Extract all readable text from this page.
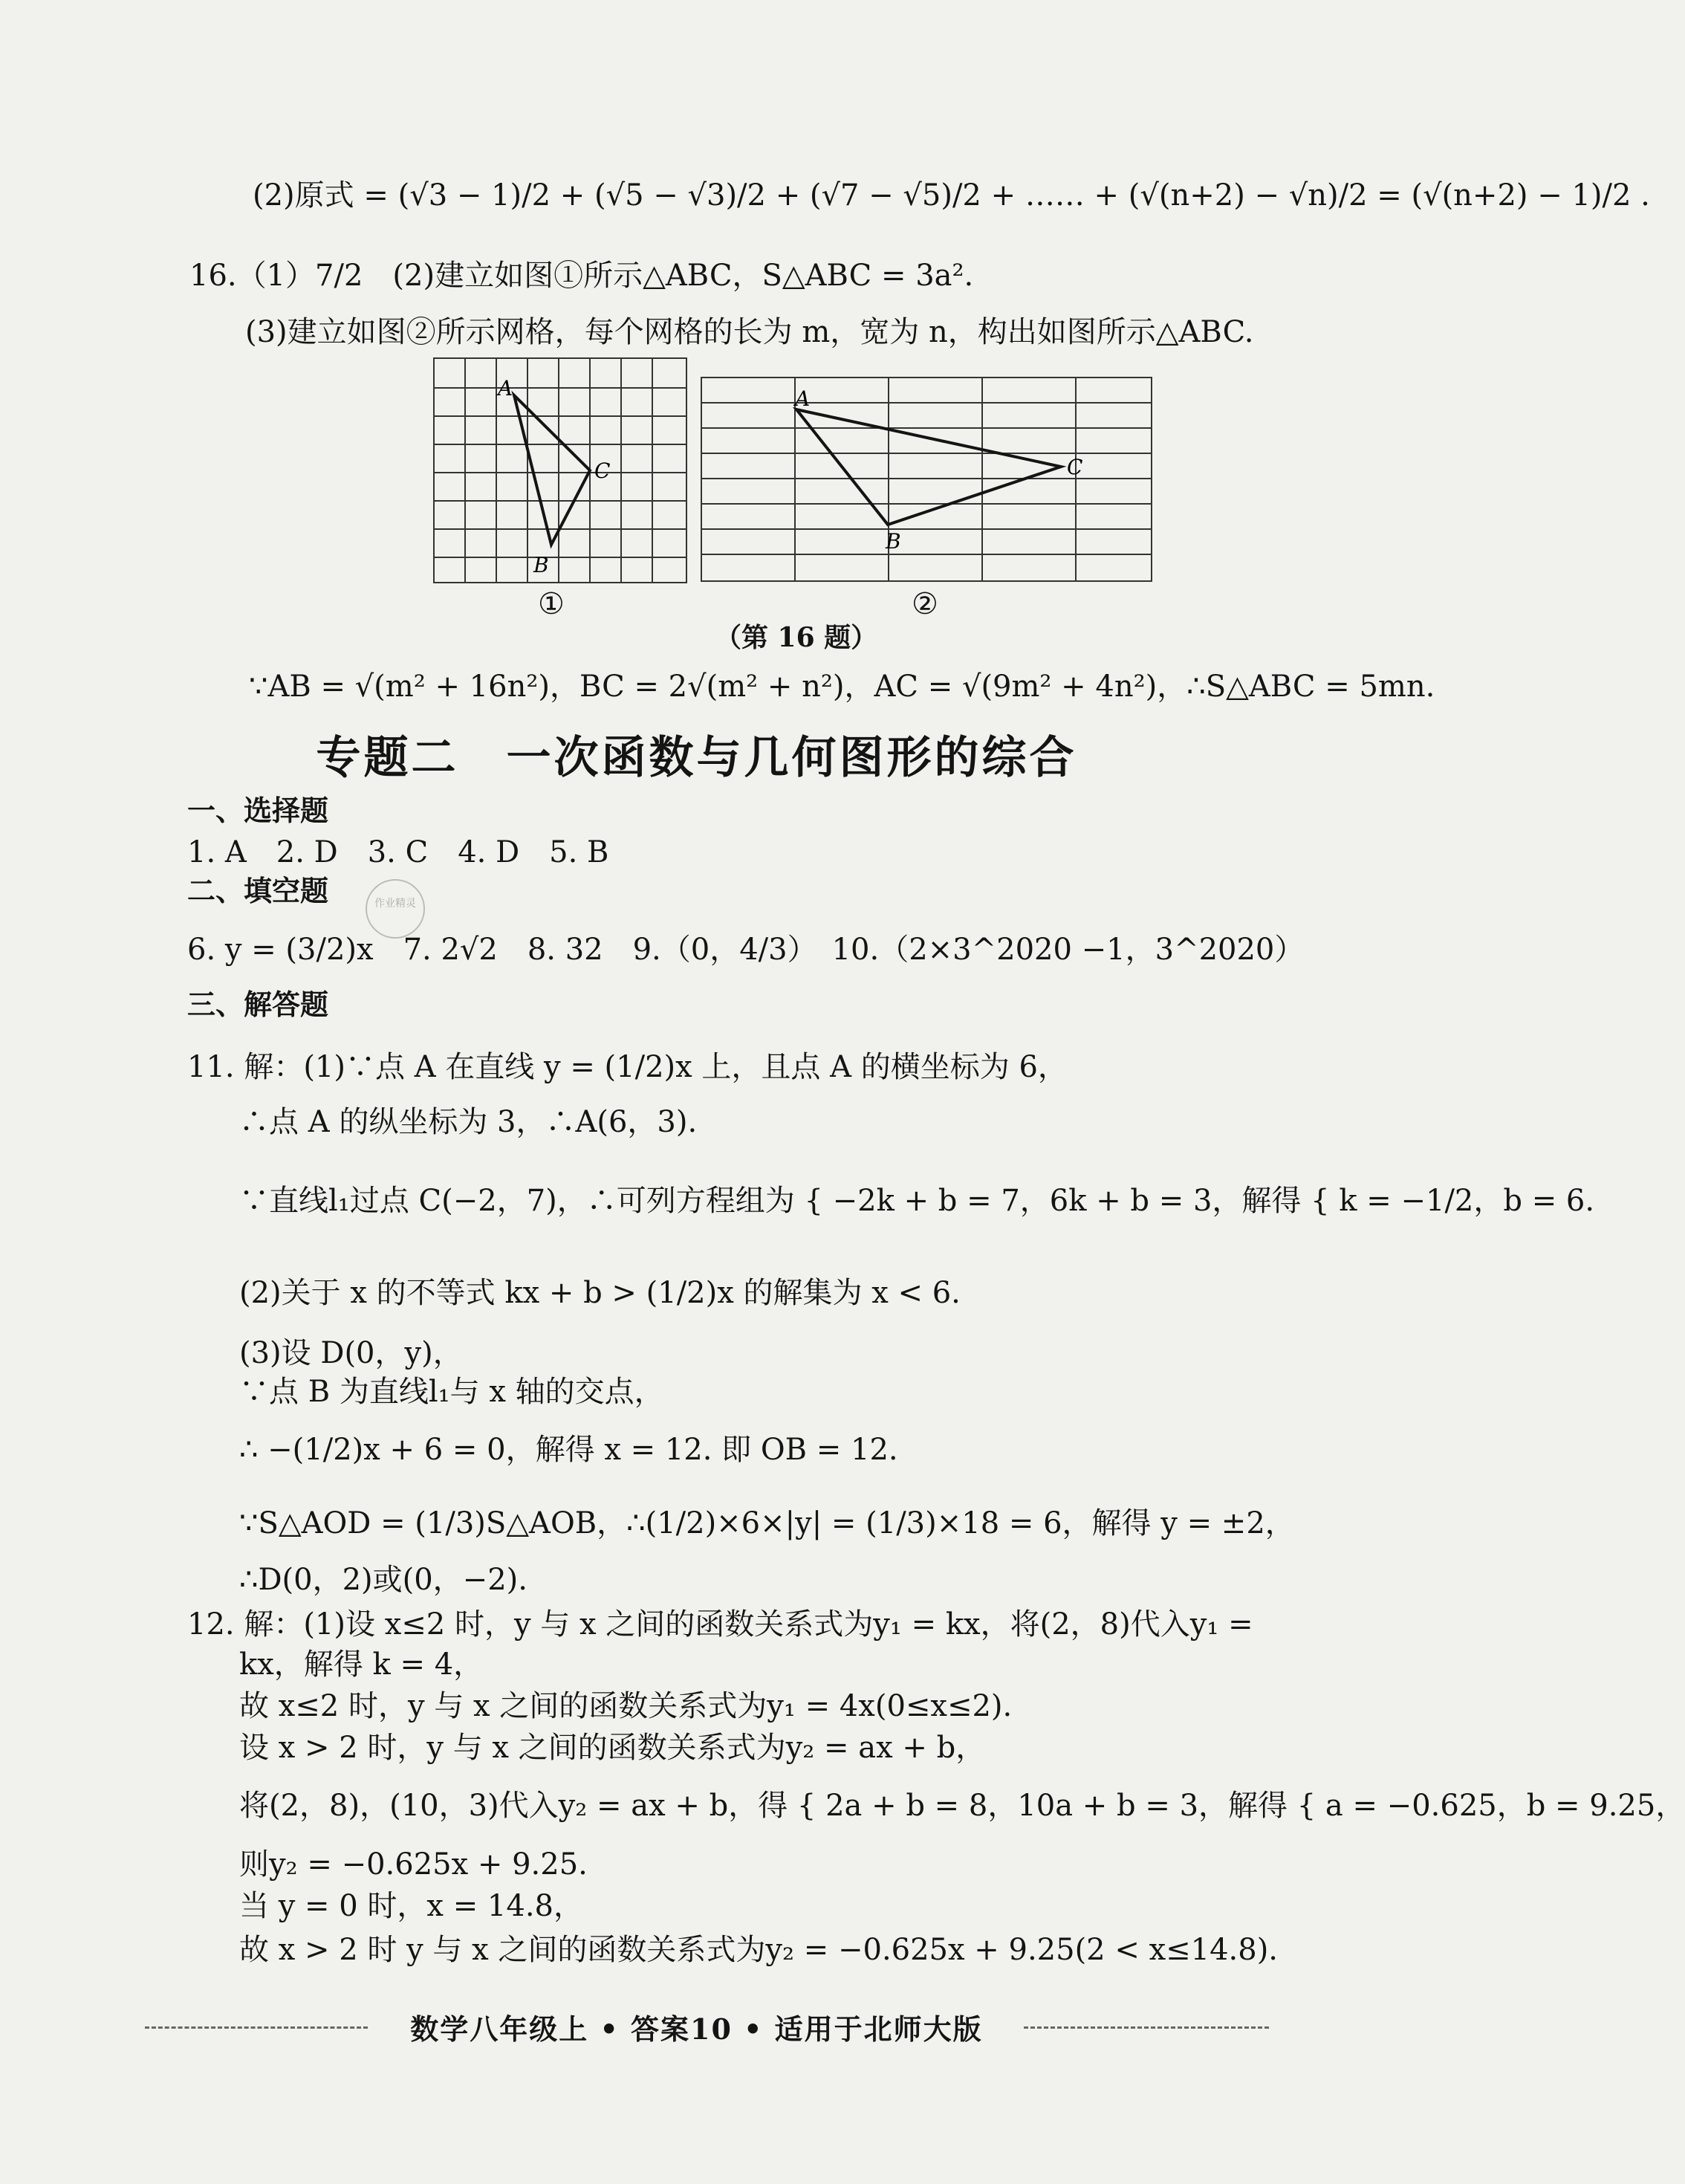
(2)原式 = (√3 − 1)/2 + (√5 − √3)/2 + (√7 − √5)/2 + …… + (√(n+2) − √n)/2 = (√(n+2) − 1)/2 .
16.（1）7/2　(2)建立如图①所示△ABC，S△ABC = 3a².
(3)建立如图②所示网格，每个网格的长为 m，宽为 n，构出如图所示△ABC.
A
B
C
①
A
B
C
②
（第 16 题）
∵AB = √(m² + 16n²)，BC = 2√(m² + n²)，AC = √(9m² + 4n²)，∴S△ABC = 5mn.
专题二　一次函数与几何图形的综合
一、选择题
1. A　2. D　3. C　4. D　5. B
二、填空题	作业精灵
6. y = (3/2)x　7. 2√2　8. 32　9.（0，4/3）　10.（2×3^2020 −1，3^2020）
三、解答题
11. 解：(1)∵点 A 在直线 y = (1/2)x 上，且点 A 的横坐标为 6，
∴点 A 的纵坐标为 3，∴A(6，3).
∵直线l₁过点 C(−2，7)，∴可列方程组为 { −2k + b = 7，6k + b = 3，解得 { k = −1/2，b = 6.
(2)关于 x 的不等式 kx + b > (1/2)x 的解集为 x < 6.
(3)设 D(0，y)，
∵点 B 为直线l₁与 x 轴的交点，
∴ −(1/2)x + 6 = 0，解得 x = 12. 即 OB = 12.
∵S△AOD = (1/3)S△AOB，∴(1/2)×6×|y| = (1/3)×18 = 6，解得 y = ±2，
∴D(0，2)或(0，−2).
12. 解：(1)设 x≤2 时，y 与 x 之间的函数关系式为y₁ = kx，将(2，8)代入y₁ =
kx，解得 k = 4，
故 x≤2 时，y 与 x 之间的函数关系式为y₁ = 4x(0≤x≤2).
设 x > 2 时，y 与 x 之间的函数关系式为y₂ = ax + b，
将(2，8)，(10，3)代入y₂ = ax + b，得 { 2a + b = 8，10a + b = 3，解得 { a = −0.625，b = 9.25，
则y₂ = −0.625x + 9.25.
当 y = 0 时，x = 14.8，
故 x > 2 时 y 与 x 之间的函数关系式为y₂ = −0.625x + 9.25(2 < x≤14.8).
数学八年级上 • 答案10 • 适用于北师大版
